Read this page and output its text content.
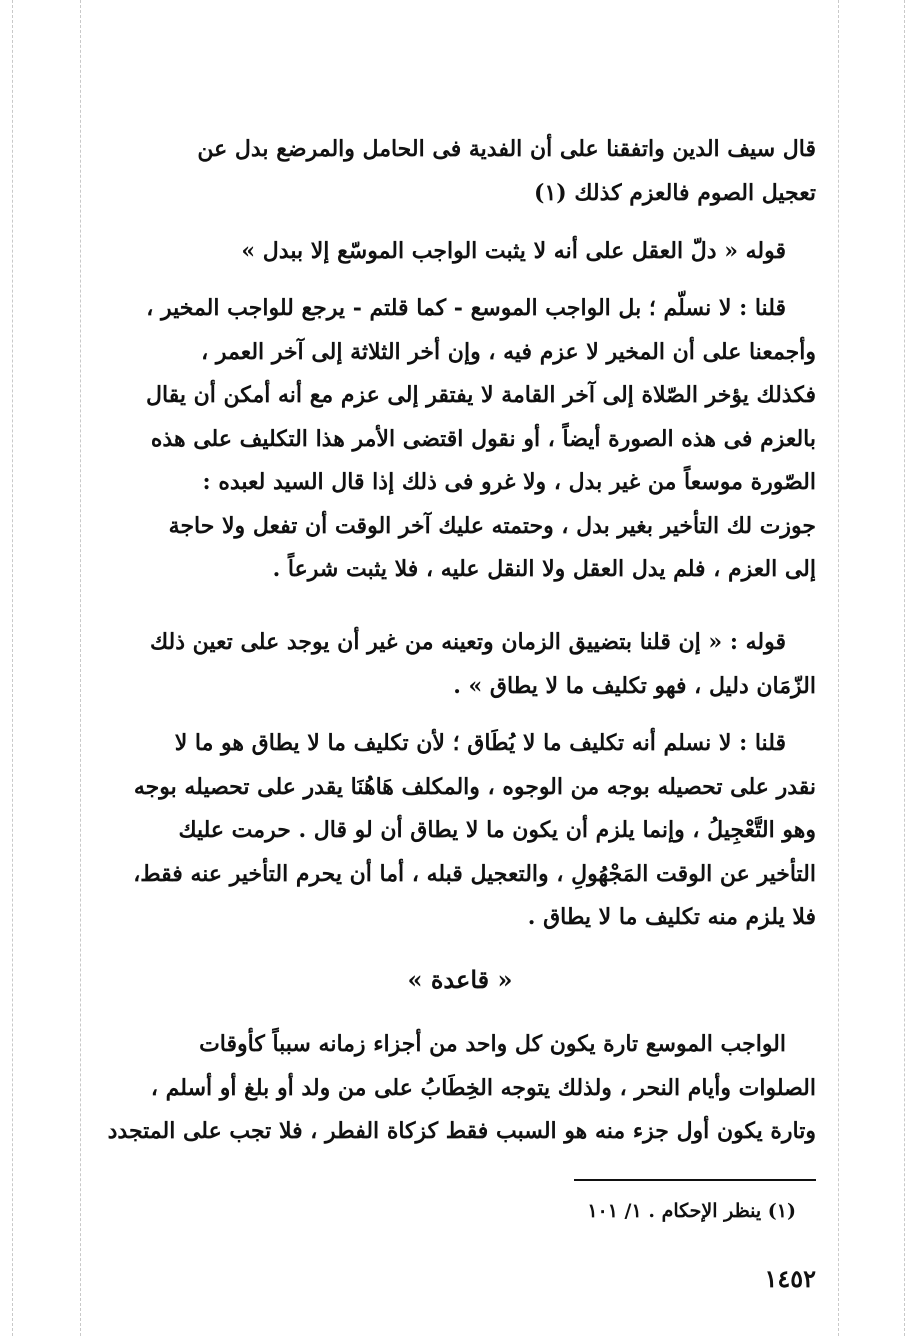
قال سيف الدين واتفقنا على أن الفدية فى الحامل والمرضع بدل عن
تعجيل الصوم فالعزم كذلك (١)
قوله « دلّ العقل على أنه لا يثبت الواجب الموسّع إلا ببدل »
قلنا : لا نسلّم ؛ بل الواجب الموسع - كما قلتم - يرجع للواجب المخير ،
وأجمعنا على أن المخير لا عزم فيه ، وإن أخر الثلاثة إلى آخر العمر ،
فكذلك يؤخر الصّلاة إلى آخر القامة لا يفتقر إلى عزم مع أنه أمكن أن يقال
بالعزم فى هذه الصورة أيضاً ، أو نقول اقتضى الأمر هذا التكليف على هذه
الصّورة موسعاً من غير بدل ، ولا غرو فى ذلك إذا قال السيد لعبده :
جوزت لك التأخير بغير بدل ، وحتمته عليك آخر الوقت أن تفعل ولا حاجة
إلى العزم ، فلم يدل العقل ولا النقل عليه ، فلا يثبت شرعاً .
قوله : « إن قلنا بتضييق الزمان وتعينه من غير أن يوجد على تعين ذلك
الزّمَان دليل ، فهو تكليف ما لا يطاق » .
قلنا : لا نسلم أنه تكليف ما لا يُطَاق ؛ لأن تكليف ما لا يطاق هو ما لا
نقدر على تحصيله بوجه من الوجوه ، والمكلف هَاهُنَا يقدر على تحصيله بوجه
وهو التَّعْجِيلُ ، وإنما يلزم أن يكون ما لا يطاق أن لو قال . حرمت عليك
التأخير عن الوقت المَجْهُولِ ، والتعجيل قبله ، أما أن يحرم التأخير عنه فقط،
فلا يلزم منه تكليف ما لا يطاق .
« قاعدة »
الواجب الموسع تارة يكون كل واحد من أجزاء زمانه سبباً كأوقات
الصلوات وأيام النحر ، ولذلك يتوجه الخِطَابُ على من ولد أو بلغ أو أسلم ،
وتارة يكون أول جزء منه هو السبب فقط كزكاة الفطر ، فلا تجب على المتجدد
(١) ينظر الإحكام . ١/ ١٠١
١٤٥٢
